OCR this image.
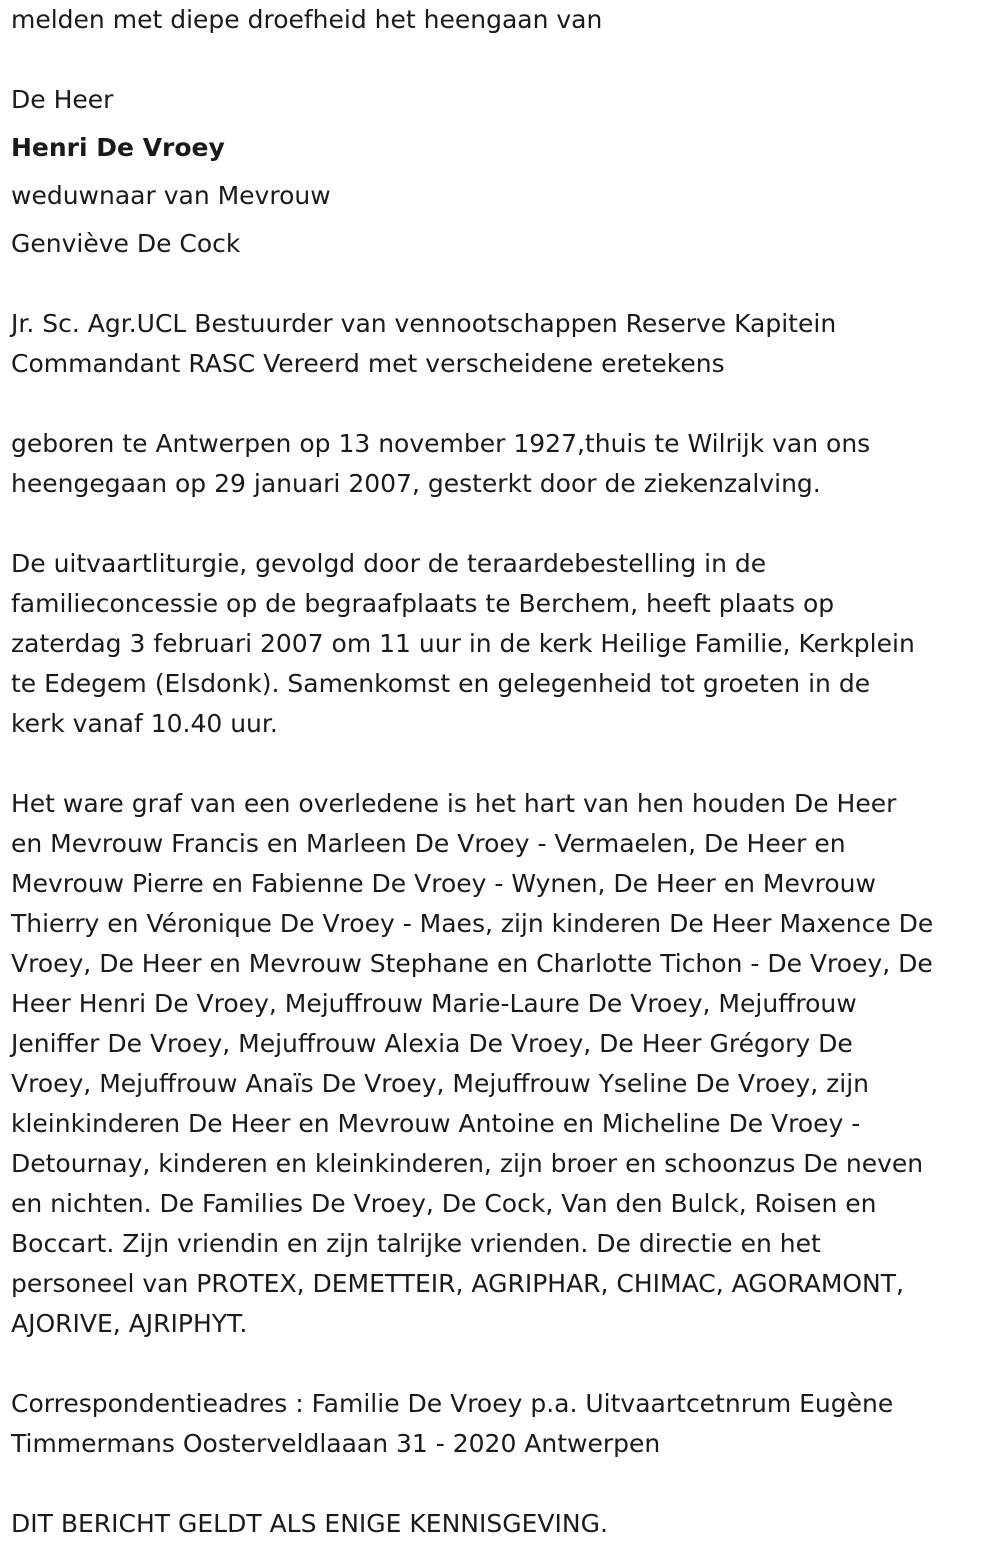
melden met diepe droefheid het heengaan van

De Heer

Henri De Vroey

weduwnaar van Mevrouw

Genviève De Cock

Jr. Sc. Agr.UCL Bestuurder van vennootschappen Reserve Kapitein
Commandant RASC Vereerd met verscheidene eretekens

geboren te Antwerpen op 13 november 1927,thuis te Wilrijk van ons
heengegaan op 29 januari 2007, gesterkt door de ziekenzalving.

De uitvaartliturgie, gevolgd door de teraardebestelling in de
familieconcessie op de begraafplaats te Berchem, heeft plaats op
zaterdag 3 februari 2007 om 11 uur in de kerk Heilige Familie, Kerkplein
te Edegem (Elsdonk). Samenkomst en gelegenheid tot groeten in de
kerk vanaf 10.40 uur.

Het ware graf van een overledene is het hart van hen houden De Heer
en Mevrouw Francis en Marleen De Vroey - Vermaelen, De Heer en
Mevrouw Pierre en Fabienne De Vroey - Wynen, De Heer en Mevrouw
Thierry en Véronique De Vroey - Maes, zijn kinderen De Heer Maxence De
Vroey, De Heer en Mevrouw Stephane en Charlotte Tichon - De Vroey, De
Heer Henri De Vroey, Mejuffrouw Marie-Laure De Vroey, Mejuffrouw
Jeniffer De Vroey, Mejuffrouw Alexia De Vroey, De Heer Grégory De
Vroey, Mejuffrouw Anaïs De Vroey, Mejuffrouw Yseline De Vroey, zijn
kleinkinderen De Heer en Mevrouw Antoine en Micheline De Vroey -
Detournay, kinderen en kleinkinderen, zijn broer en schoonzus De neven
en nichten. De Families De Vroey, De Cock, Van den Bulck, Roisen en
Boccart. Zijn vriendin en zijn talrijke vrienden. De directie en het
personeel van PROTEX, DEMETTEIR, AGRIPHAR, CHIMAC, AGORAMONT,
AJORIVE, AJRIPHYT.

Correspondentieadres : Familie De Vroey p.a. Uitvaartcetnrum Eugène
Timmermans Oosterveldlaaan 31 - 2020 Antwerpen

DIT BERICHT GELDT ALS ENIGE KENNISGEVING.
